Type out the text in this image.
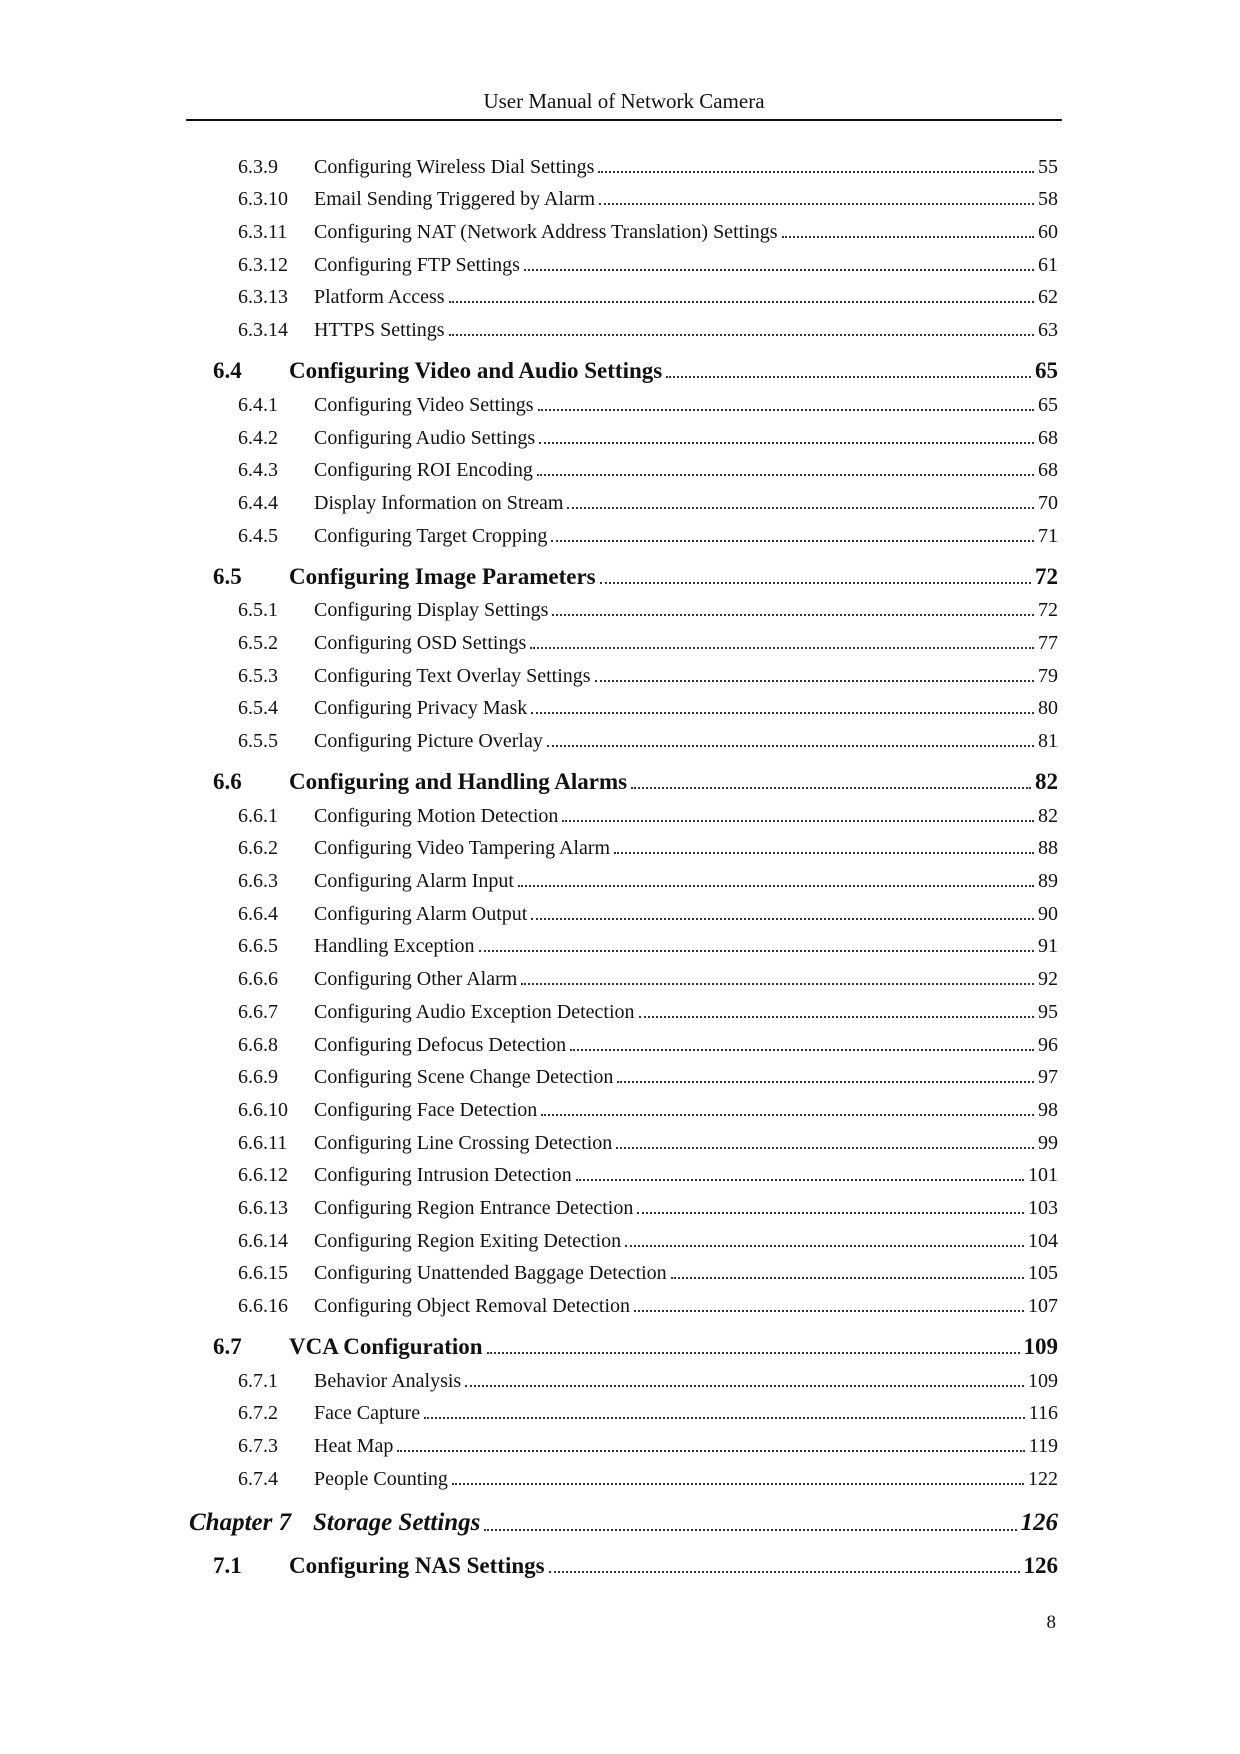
User Manual of Network Camera
6.3.9 Configuring Wireless Dial Settings	55
6.3.10 Email Sending Triggered by Alarm	58
6.3.11 Configuring NAT (Network Address Translation) Settings	60
6.3.12 Configuring FTP Settings	61
6.3.13 Platform Access	62
6.3.14 HTTPS Settings	63
6.4 Configuring Video and Audio Settings	65
6.4.1 Configuring Video Settings	65
6.4.2 Configuring Audio Settings	68
6.4.3 Configuring ROI Encoding	68
6.4.4 Display Information on Stream	70
6.4.5 Configuring Target Cropping	71
6.5 Configuring Image Parameters	72
6.5.1 Configuring Display Settings	72
6.5.2 Configuring OSD Settings	77
6.5.3 Configuring Text Overlay Settings	79
6.5.4 Configuring Privacy Mask	80
6.5.5 Configuring Picture Overlay	81
6.6 Configuring and Handling Alarms	82
6.6.1 Configuring Motion Detection	82
6.6.2 Configuring Video Tampering Alarm	88
6.6.3 Configuring Alarm Input	89
6.6.4 Configuring Alarm Output	90
6.6.5 Handling Exception	91
6.6.6 Configuring Other Alarm	92
6.6.7 Configuring Audio Exception Detection	95
6.6.8 Configuring Defocus Detection	96
6.6.9 Configuring Scene Change Detection	97
6.6.10 Configuring Face Detection	98
6.6.11 Configuring Line Crossing Detection	99
6.6.12 Configuring Intrusion Detection	101
6.6.13 Configuring Region Entrance Detection	103
6.6.14 Configuring Region Exiting Detection	104
6.6.15 Configuring Unattended Baggage Detection	105
6.6.16 Configuring Object Removal Detection	107
6.7 VCA Configuration	109
6.7.1 Behavior Analysis	109
6.7.2 Face Capture	116
6.7.3 Heat Map	119
6.7.4 People Counting	122
Chapter 7 Storage Settings	126
7.1 Configuring NAS Settings	126
8
